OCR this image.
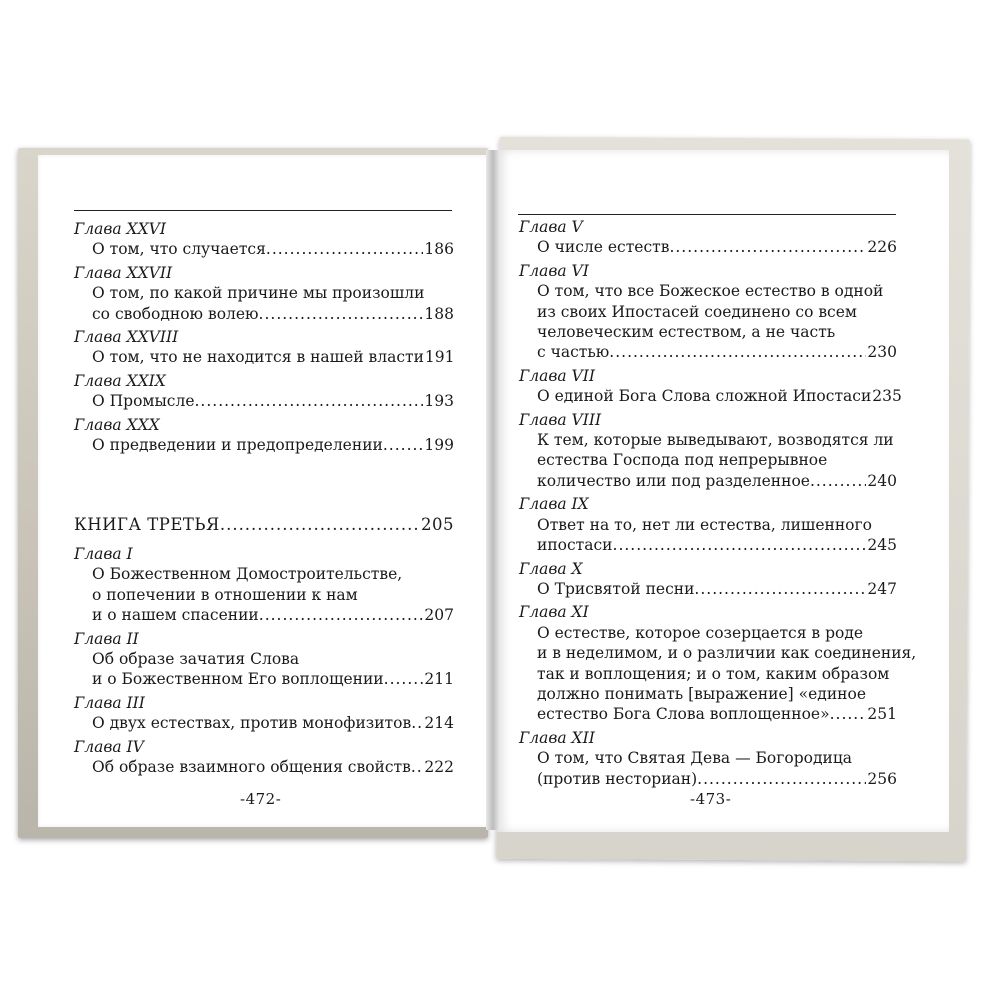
Глава XXVI
О том, что случается .....	186
Глава XXVII
О том, по какой причине мы произошли
со свободною волею .....	188
Глава XXVIII
О том, что не находится в нашей власти 191
Глава XXIX
О Промысле .....	193
Глава XXX
О предведении и предопределении .....	199
КНИГА ТРЕТЬЯ .....	205
Глава I
О Божественном Домостроительстве,
о попечении в отношении к нам
и о нашем спасении .....	207
Глава II
Об образе зачатия Слова
и о Божественном Его воплощении .....	211
Глава III
О двух естествах, против монофизитов ..... 214
Глава IV
Об образе взаимного общения свойств ..... 222
Глава V
О числе естеств .....	226
Глава VI
О том, что все Божеское естество в одной
из своих Ипостасей соединено со всем
человеческим естеством, а не часть
с частью .....	230
Глава VII
О единой Бога Слова сложной Ипостаси 235
Глава VIII
К тем, которые выведывают, возводятся ли
естества Господа под непрерывное
количество или под разделенное .....	240
Глава IX
Ответ на то, нет ли естества, лишенного
ипостаси .....	245
Глава X
О Трисвятой песни .....	247
Глава XI
О естестве, которое созерцается в роде
и в неделимом, и о различии как соединения,
так и воплощения; и о том, каким образом
должно понимать [выражение] «единое
естество Бога Слова воплощенное» ..... 251
Глава XII
О том, что Святая Дева — Богородица
(против несториан) .....	256
-472-	-473-
